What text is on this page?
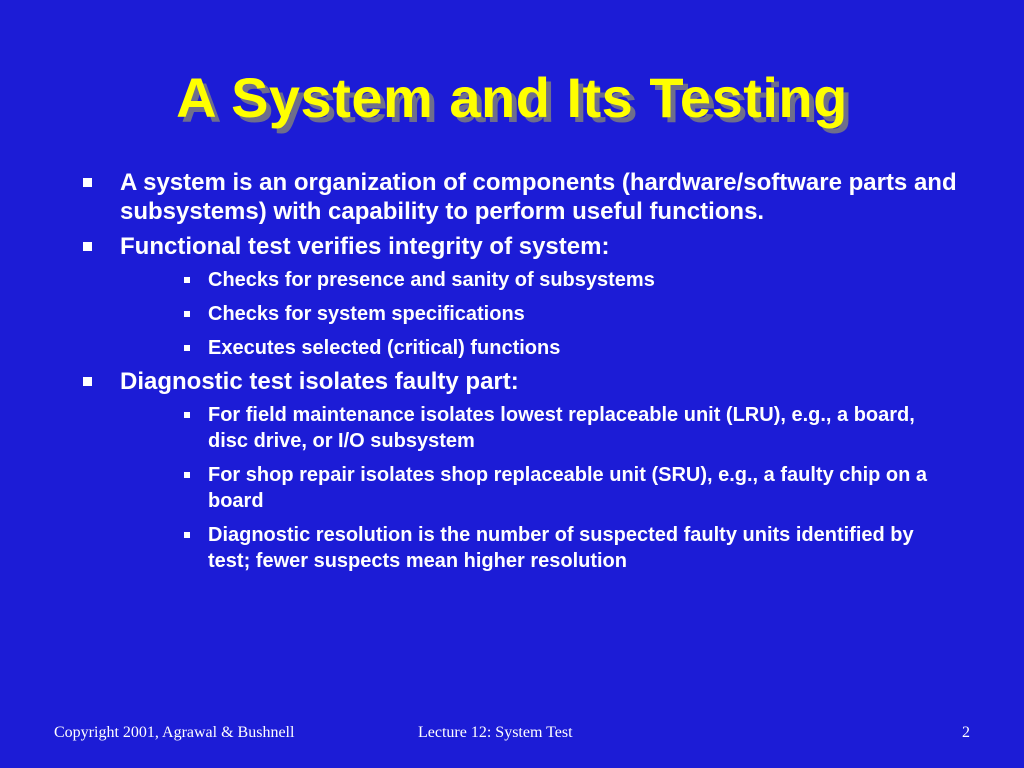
A System and Its Testing
A system is an organization of components (hardware/software parts and subsystems) with capability to perform useful functions.
Functional test verifies integrity of system:
Checks for presence and sanity of subsystems
Checks for system specifications
Executes selected (critical) functions
Diagnostic test isolates faulty part:
For field maintenance isolates lowest replaceable unit (LRU), e.g., a board, disc drive, or I/O subsystem
For shop repair isolates shop replaceable unit (SRU), e.g., a faulty chip on a board
Diagnostic resolution is the number of suspected faulty units identified by test; fewer suspects mean higher resolution
Copyright 2001, Agrawal & Bushnell	Lecture 12: System Test	2
